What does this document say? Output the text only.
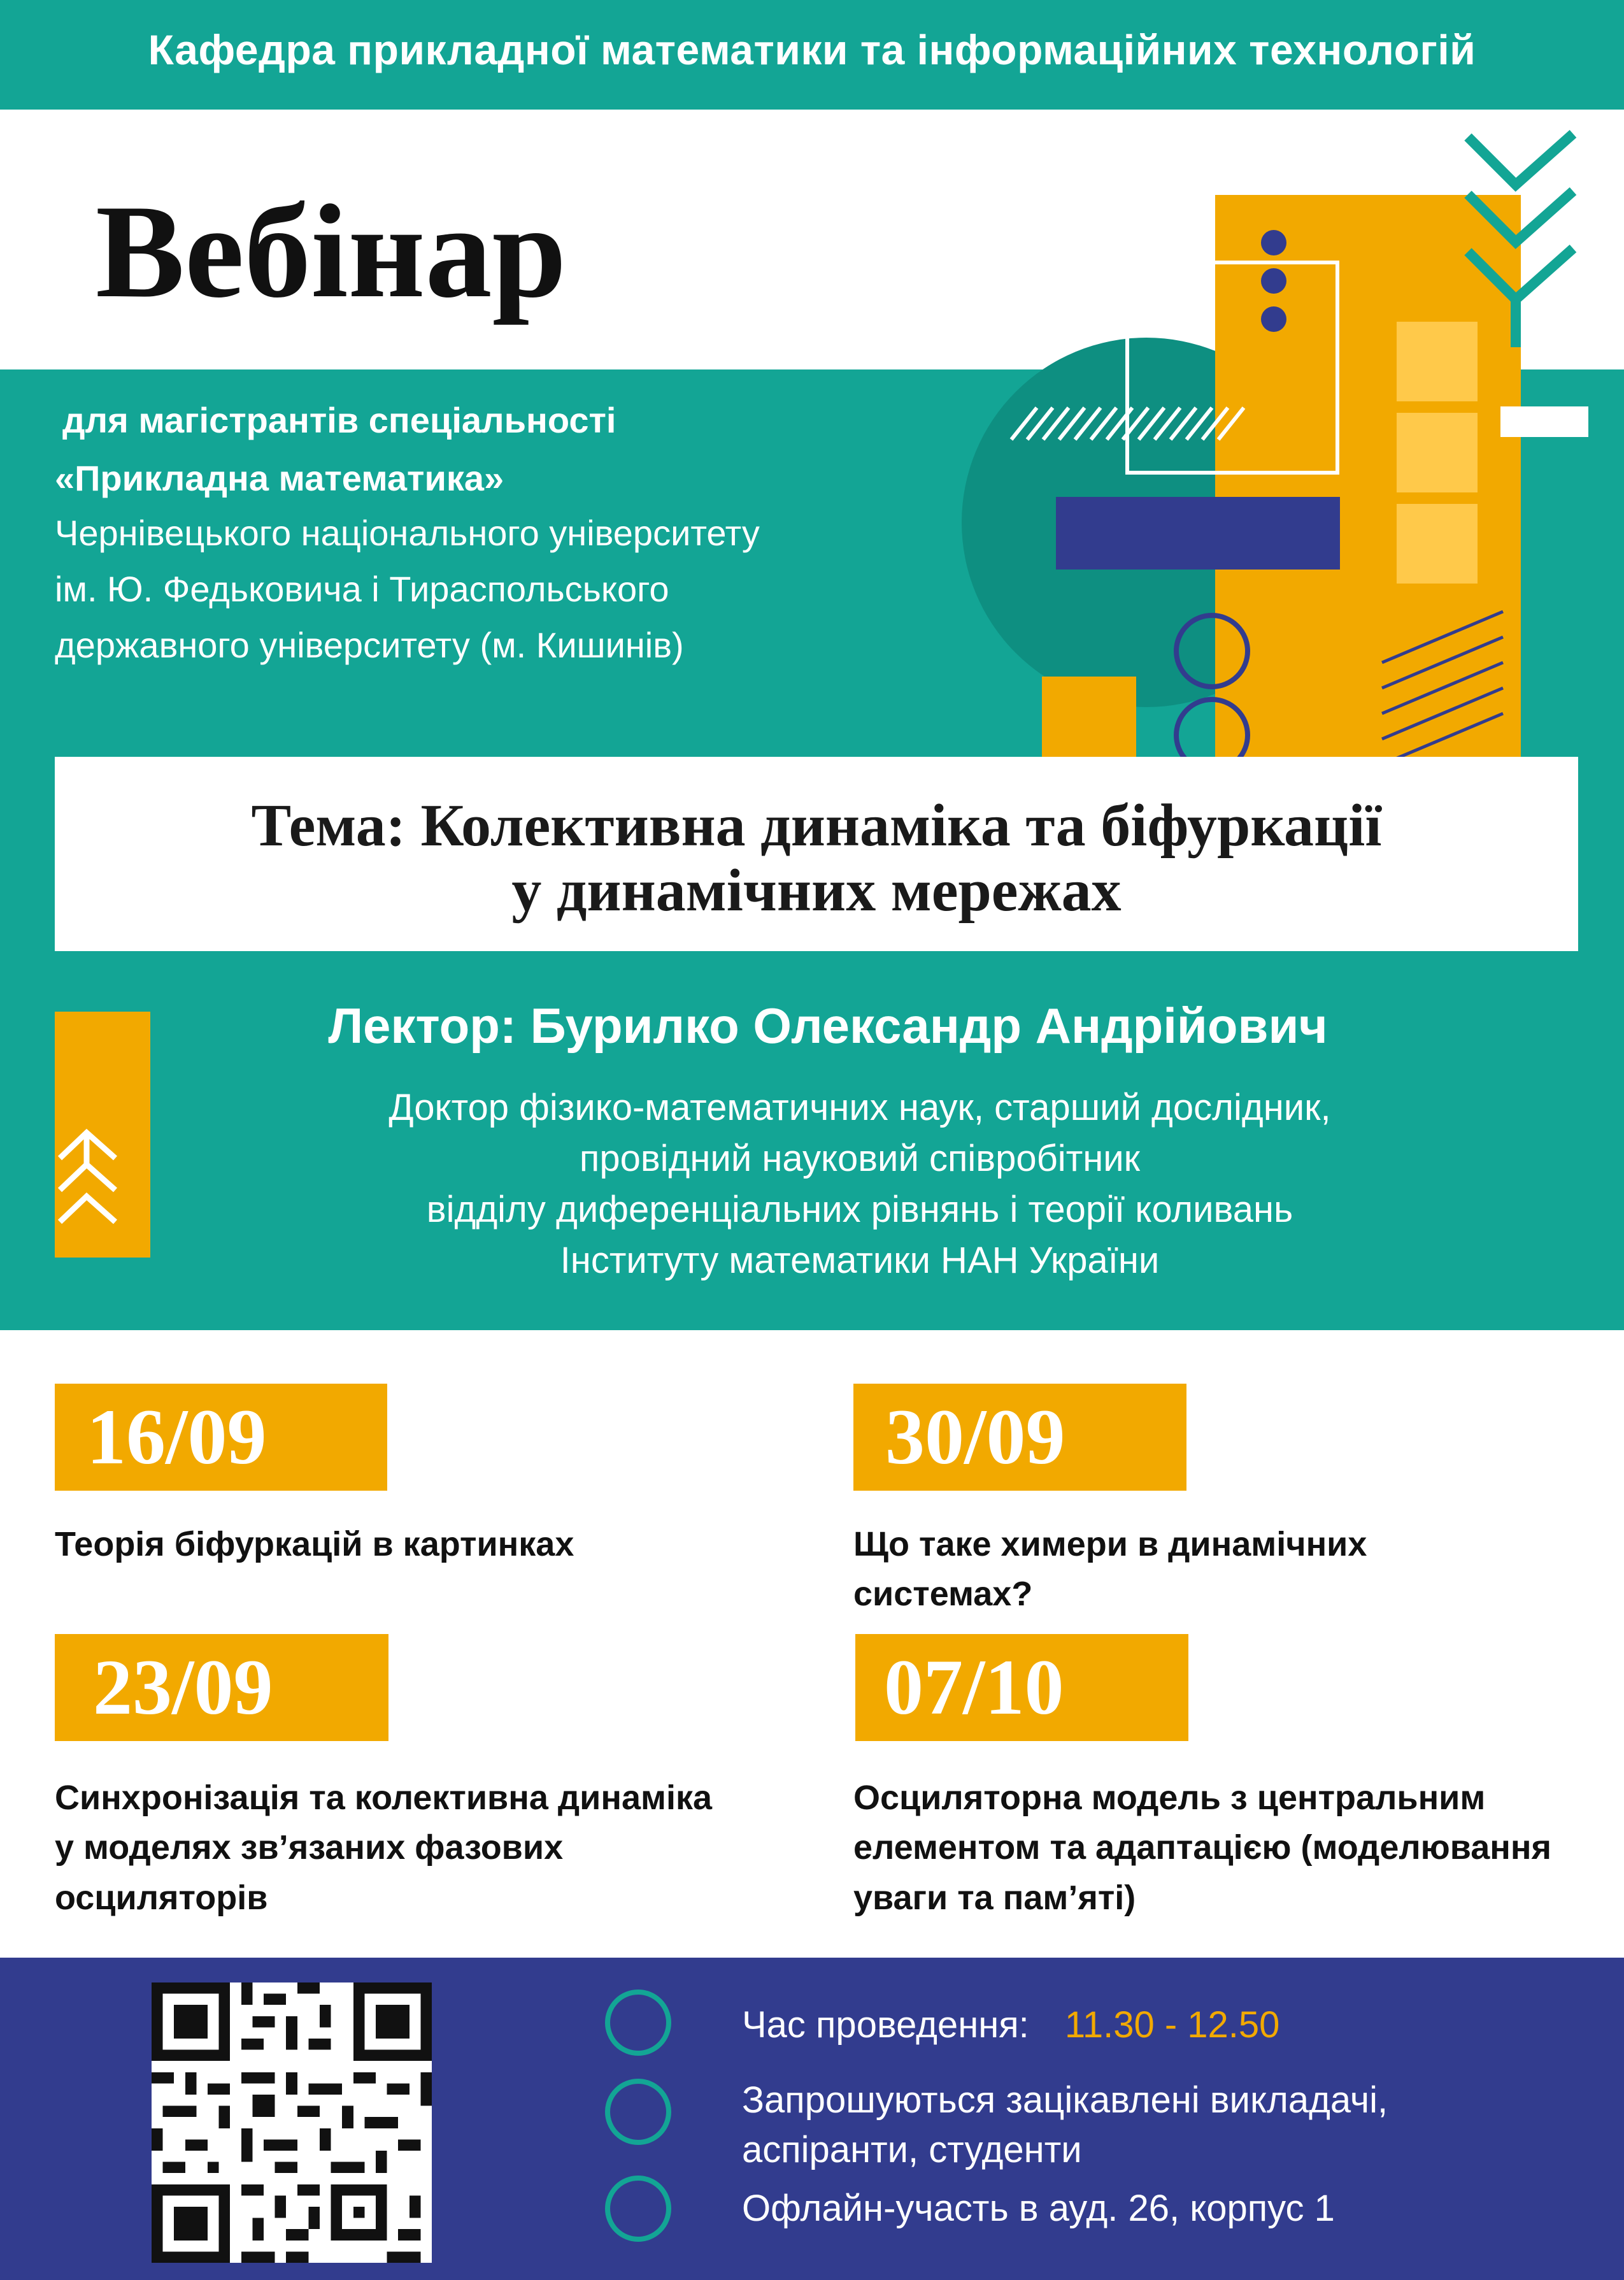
Кафедра прикладної математики та інформаційних технологій
Вебінар
для магістрантів спеціальності
«Прикладна математика»
Чернівецького національного університету
ім. Ю. Федьковича і Тираспольського
державного університету (м. Кишинів)
Тема: Колективна динаміка та біфуркації
у динамічних мережах
Лектор: Бурилко Олександр Андрійович
Доктор фізико-математичних наук, старший дослідник,
провідний науковий співробітник
відділу диференціальних рівнянь і теорії коливань
Інституту математики НАН України
16/09
Теорія біфуркацій в картинках
30/09
Що таке химери в динамічних
системах?
23/09
Синхронізація та колективна динаміка
у моделях зв’язаних фазових
осциляторів
07/10
Осциляторна модель з центральним
елементом та адаптацією (моделювання
уваги та пам’яті)
Час проведення: 11.30 - 12.50
Запрошуються зацікавлені викладачі,
аспіранти, студенти
Офлайн-участь в ауд. 26, корпус 1
